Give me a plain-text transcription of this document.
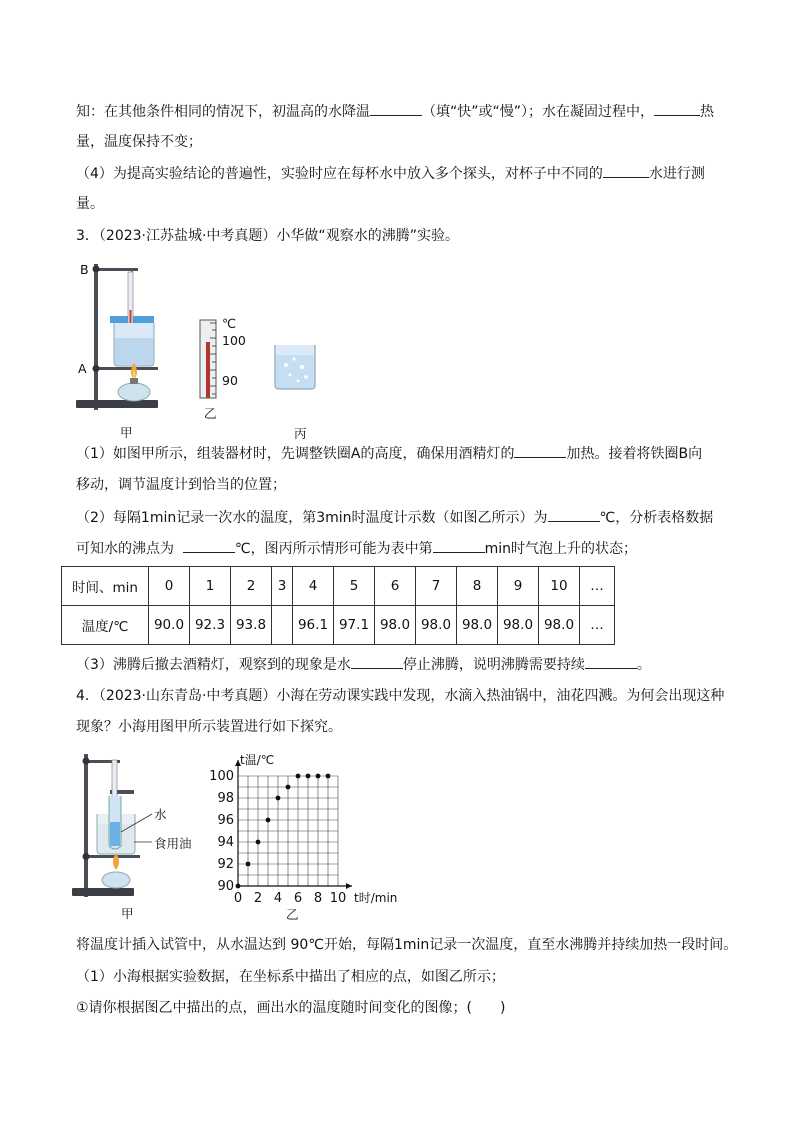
知：在其他条件相同的情况下，初温高的水降温	（填“快”或“慢”）；水在凝固过程中，	热
量，温度保持不变；
（4）为提高实验结论的普遍性，实验时应在每杯水中放入多个探头，对杯子中不同的	水进行测
量。
3．（2023·江苏盐城·中考真题）小华做“观察水的沸腾”实验。
B
A
甲
℃
100
90
乙
丙
（1）如图甲所示，组装器材时，先调整铁圈A的高度，确保用酒精灯的	加热。接着将铁圈B向
移动，调节温度计到恰当的位置；
（2）每隔1min记录一次水的温度，第3min时温度计示数（如图乙所示）为	℃，分析表格数据
可知水的沸点为	℃，图丙所示情形可能为表中第	min时气泡上升的状态；
时间、min	0	1	2	3	4	5	6	7	8	9	10	…
温度/℃	90.0	92.3	93.8		96.1	97.1	98.0	98.0	98.0	98.0	98.0	…
（3）沸腾后撤去酒精灯，观察到的现象是水	停止沸腾，说明沸腾需要持续	。
4．（2023·山东青岛·中考真题）小海在劳动课实践中发现，水滴入热油锅中，油花四溅。为何会出现这种
现象？小海用图甲所示装置进行如下探究。
水
食用油
甲
0 2 4 6 8 10
90
92
94
96
98
100
t时/min
t温/℃
乙
将温度计插入试管中，从水温达到 90℃开始，每隔1min记录一次温度，直至水沸腾并持续加热一段时间。
（1）小海根据实验数据，在坐标系中描出了相应的点，如图乙所示；
①请你根据图乙中描出的点，画出水的温度随时间变化的图像；(　　)
